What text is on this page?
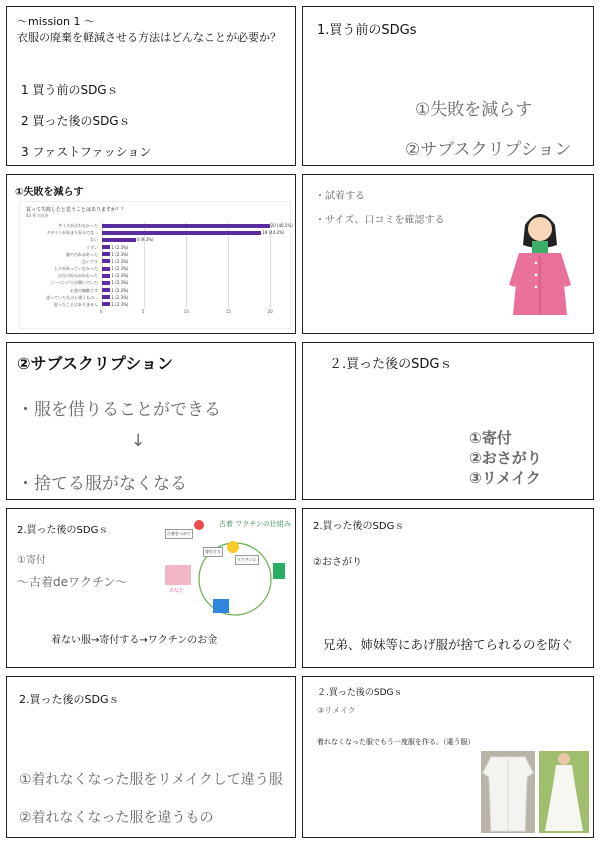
～mission 1 ～
衣服の廃棄を軽減させる方法はどんなことが必要か？
1 買う前のSDGｓ
2 買った後のSDGｓ
3 ファストファッション
1.買う前のSDGs
①失敗を減らす
②サブスクリプション
①失敗を減らす
買って失敗したと思うことはありますか？？
43 件の回答
0	5	10	15	20
サイズが合わなかった	20 (46.5%)
デザインがあまり好みでな...	19 (44.2%)
ない	4 (9.3%)
うすい	1 (2.3%)
服や汚れがあった	1 (2.3%)
ないです	1 (2.3%)
上下があっていなかった	1 (2.3%)
自分の好みがかわった	1 (2.3%)
ジーパンに穴が開いていた	1 (2.3%)
お金の無駄です	1 (2.3%)
思っていたものと違うもの...	1 (2.3%)
思ったことはありません	1 (2.3%)
・試着する
・サイズ、口コミを確認する
②サブスクリプション
・服を借りることができる
↓
・捨てる服がなくなる
２.買った後のSDGｓ
①寄付
②おさがり
③リメイク
2.買った後のSDGｓ
①寄付
～古着deワクチン～
着ない服→寄付する→ワクチンのお金
古着 ワクチンの仕組み
古着をつめて
寄付する
ワクチンに
あなた
2.買った後のSDGｓ
②おさがり
兄弟、姉妹等にあげ服が捨てられるのを防ぐ
2.買った後のSDGｓ
①着れなくなった服をリメイクして違う服
②着れなくなった服を違うもの
２.買った後のSDGｓ
③リメイク
着れなくなった服でもう一度服を作る。（違う服）
